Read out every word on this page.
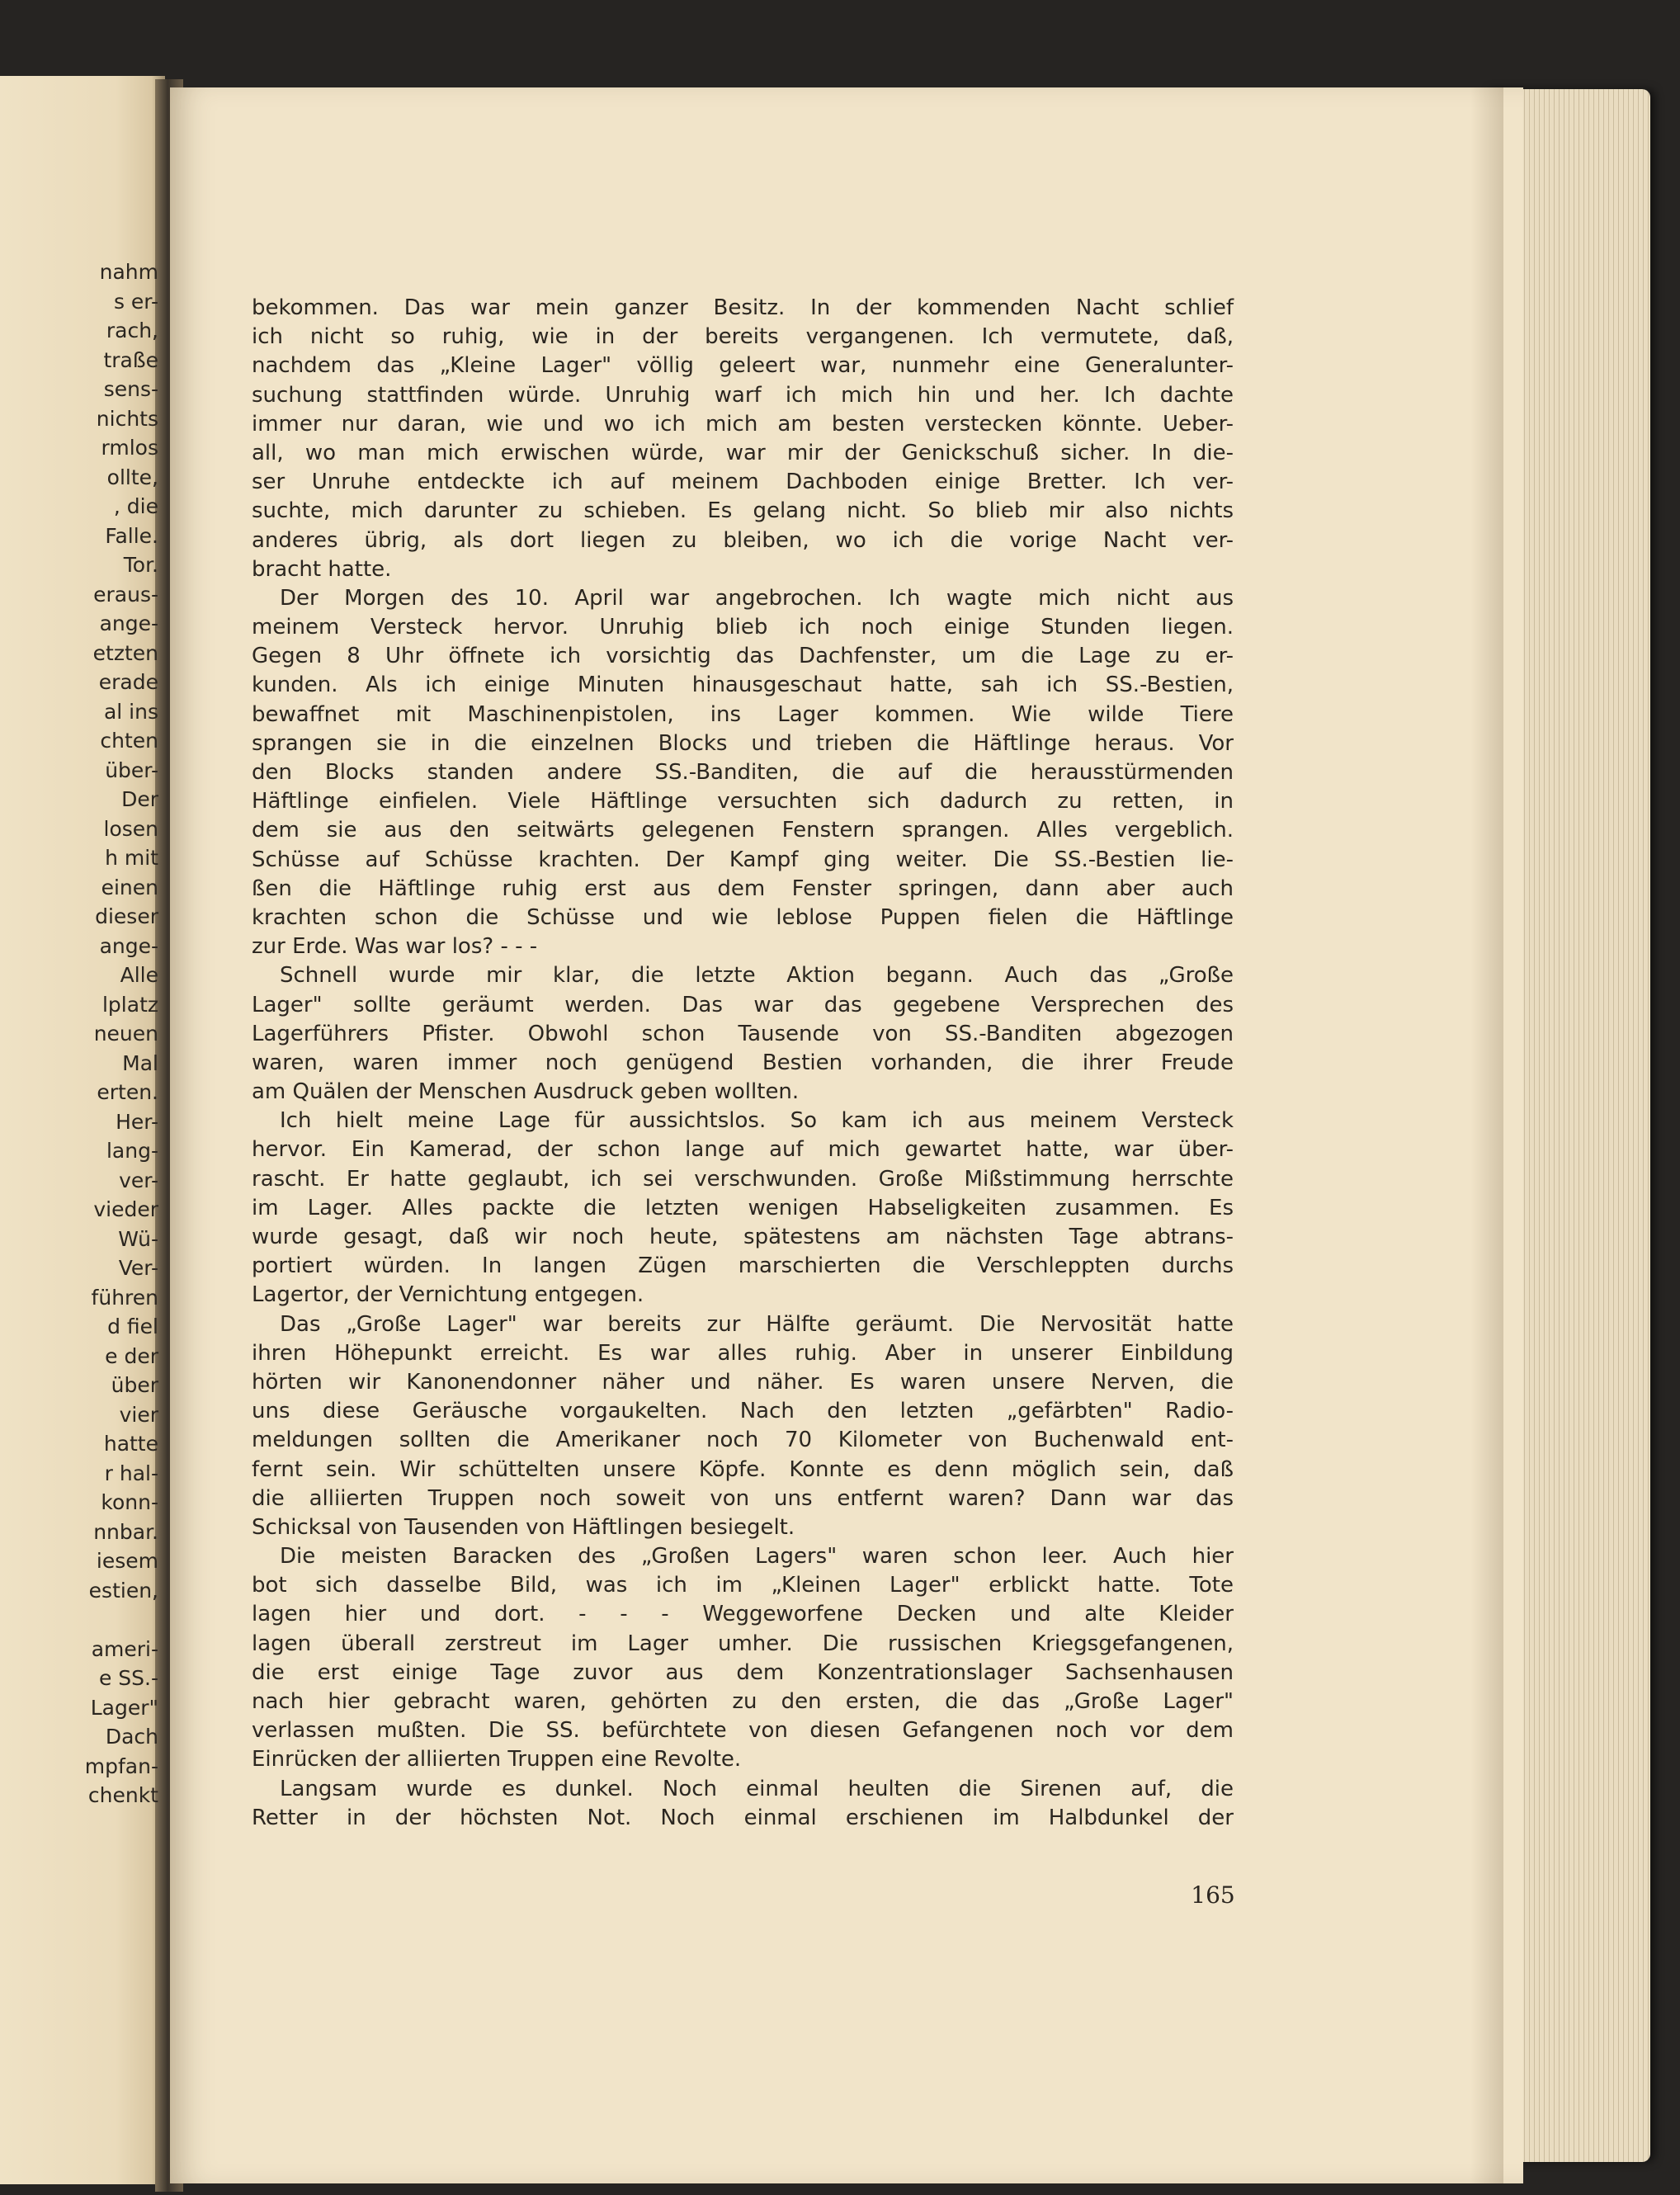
nahm
s er-
rach,
traße
sens-
nichts
rmlos
ollte,
, die
Falle.
Tor.
eraus-
ange-
etzten
erade
al ins
chten
über-
Der
losen
h mit
einen
dieser
ange-
Alle
lplatz
neuen
Mal
erten.
Her-
lang-
ver-
vieder
Wü-
Ver-
führen
d fiel
e der
über
vier
hatte
r hal-
konn-
nnbar.
iesem
estien,
ameri-
e SS.-
Lager"
Dach
mpfan-
chenkt
bekommen. Das war mein ganzer Besitz. In der kommenden Nacht schlief
ich nicht so ruhig, wie in der bereits vergangenen. Ich vermutete, daß,
nachdem das „Kleine Lager" völlig geleert war, nunmehr eine Generalunter-
suchung stattfinden würde. Unruhig warf ich mich hin und her. Ich dachte
immer nur daran, wie und wo ich mich am besten verstecken könnte. Ueber-
all, wo man mich erwischen würde, war mir der Genickschuß sicher. In die-
ser Unruhe entdeckte ich auf meinem Dachboden einige Bretter. Ich ver-
suchte, mich darunter zu schieben. Es gelang nicht. So blieb mir also nichts
anderes übrig, als dort liegen zu bleiben, wo ich die vorige Nacht ver-
bracht hatte.
Der Morgen des 10. April war angebrochen. Ich wagte mich nicht aus
meinem Versteck hervor. Unruhig blieb ich noch einige Stunden liegen.
Gegen 8 Uhr öffnete ich vorsichtig das Dachfenster, um die Lage zu er-
kunden. Als ich einige Minuten hinausgeschaut hatte, sah ich SS.-Bestien,
bewaffnet mit Maschinenpistolen, ins Lager kommen. Wie wilde Tiere
sprangen sie in die einzelnen Blocks und trieben die Häftlinge heraus. Vor
den Blocks standen andere SS.-Banditen, die auf die herausstürmenden
Häftlinge einfielen. Viele Häftlinge versuchten sich dadurch zu retten, in
dem sie aus den seitwärts gelegenen Fenstern sprangen. Alles vergeblich.
Schüsse auf Schüsse krachten. Der Kampf ging weiter. Die SS.-Bestien lie-
ßen die Häftlinge ruhig erst aus dem Fenster springen, dann aber auch
krachten schon die Schüsse und wie leblose Puppen fielen die Häftlinge
zur Erde. Was war los? - - -
Schnell wurde mir klar, die letzte Aktion begann. Auch das „Große
Lager" sollte geräumt werden. Das war das gegebene Versprechen des
Lagerführers Pfister. Obwohl schon Tausende von SS.-Banditen abgezogen
waren, waren immer noch genügend Bestien vorhanden, die ihrer Freude
am Quälen der Menschen Ausdruck geben wollten.
Ich hielt meine Lage für aussichtslos. So kam ich aus meinem Versteck
hervor. Ein Kamerad, der schon lange auf mich gewartet hatte, war über-
rascht. Er hatte geglaubt, ich sei verschwunden. Große Mißstimmung herrschte
im Lager. Alles packte die letzten wenigen Habseligkeiten zusammen. Es
wurde gesagt, daß wir noch heute, spätestens am nächsten Tage abtrans-
portiert würden. In langen Zügen marschierten die Verschleppten durchs
Lagertor, der Vernichtung entgegen.
Das „Große Lager" war bereits zur Hälfte geräumt. Die Nervosität hatte
ihren Höhepunkt erreicht. Es war alles ruhig. Aber in unserer Einbildung
hörten wir Kanonendonner näher und näher. Es waren unsere Nerven, die
uns diese Geräusche vorgaukelten. Nach den letzten „gefärbten" Radio-
meldungen sollten die Amerikaner noch 70 Kilometer von Buchenwald ent-
fernt sein. Wir schüttelten unsere Köpfe. Konnte es denn möglich sein, daß
die alliierten Truppen noch soweit von uns entfernt waren? Dann war das
Schicksal von Tausenden von Häftlingen besiegelt.
Die meisten Baracken des „Großen Lagers" waren schon leer. Auch hier
bot sich dasselbe Bild, was ich im „Kleinen Lager" erblickt hatte. Tote
lagen hier und dort. - - - Weggeworfene Decken und alte Kleider
lagen überall zerstreut im Lager umher. Die russischen Kriegsgefangenen,
die erst einige Tage zuvor aus dem Konzentrationslager Sachsenhausen
nach hier gebracht waren, gehörten zu den ersten, die das „Große Lager"
verlassen mußten. Die SS. befürchtete von diesen Gefangenen noch vor dem
Einrücken der alliierten Truppen eine Revolte.
Langsam wurde es dunkel. Noch einmal heulten die Sirenen auf, die
Retter in der höchsten Not. Noch einmal erschienen im Halbdunkel der
165
